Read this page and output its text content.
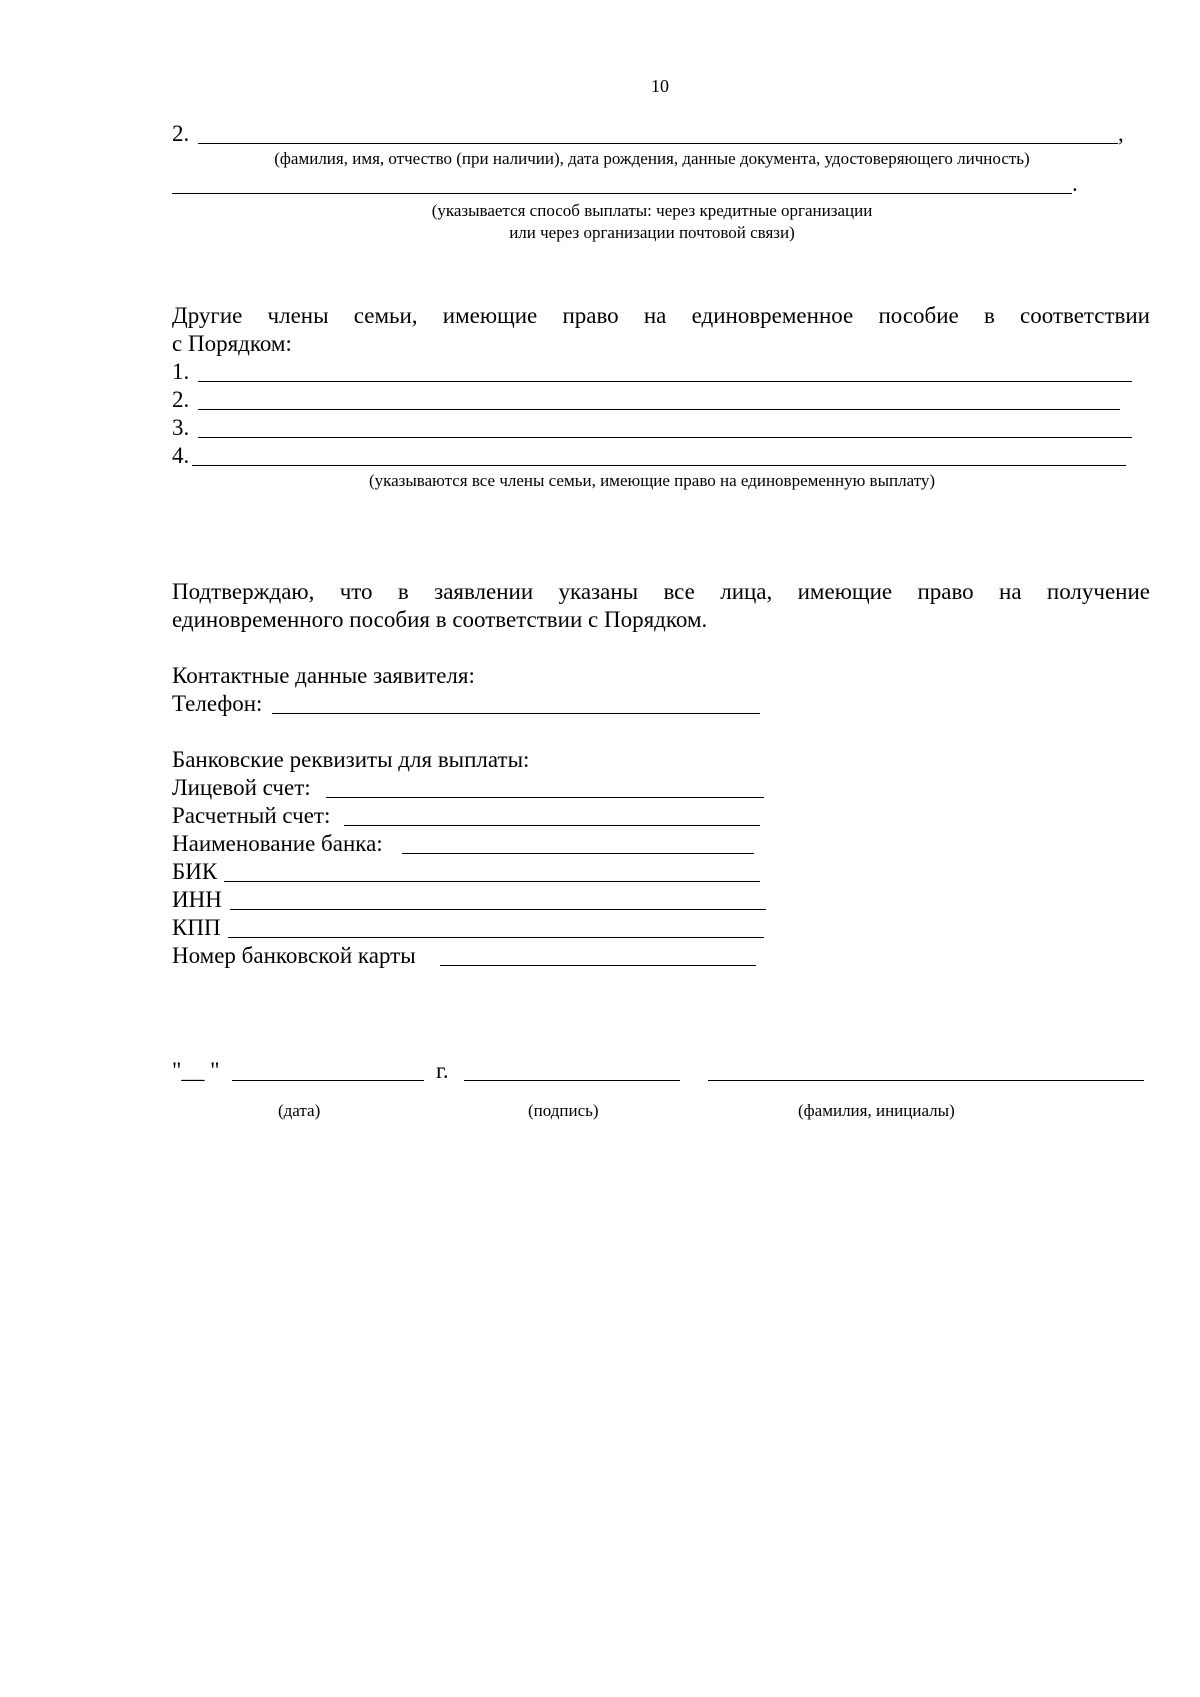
10
2.	,
(фамилия, имя, отчество (при наличии), дата рождения, данные документа, удостоверяющего личность)
.
(указывается способ выплаты: через кредитные организации
или через организации почтовой связи)
Другие члены семьи, имеющие право на единовременное пособие в соответствии
с Порядком:
1.
2.
3.
4.
(указываются все члены семьи, имеющие право на единовременную выплату)
Подтверждаю, что в заявлении указаны все лица, имеющие право на получение
единовременного пособия в соответствии с Порядком.
Контактные данные заявителя:
Телефон:
Банковские реквизиты для выплаты:
Лицевой счет:
Расчетный счет:
Наименование банка:
БИК
ИНН
КПП
Номер банковской карты
"__ "	г.
(дата)	(подпись)	(фамилия, инициалы)
